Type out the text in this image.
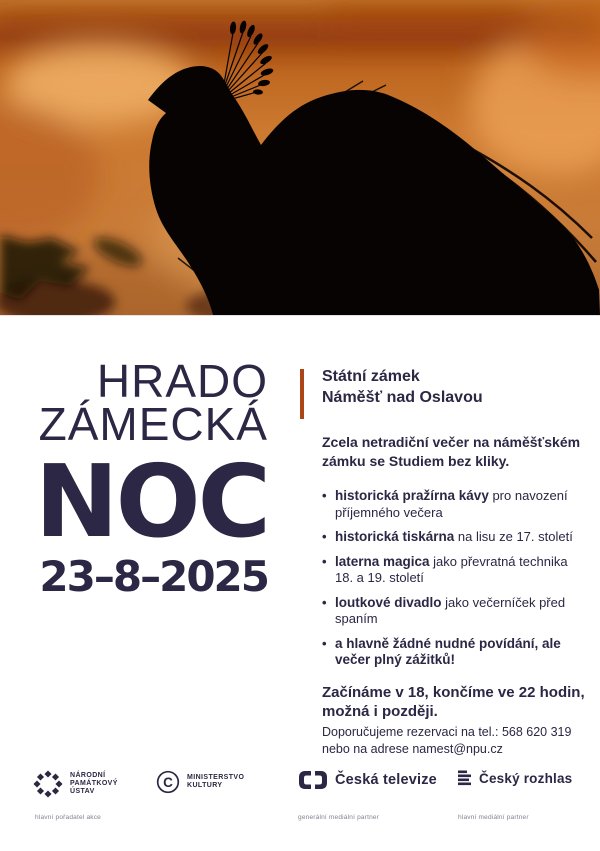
HRADO
ZÁMECKÁ
NOC
23–8–2025
Státní zámek
Náměšť nad Oslavou
Zcela netradiční večer na náměšťském
zámku se Studiem bez kliky.
• historická pražírna kávy pro navození příjemného večera
• historická tiskárna na lisu ze 17. století
• laterna magica jako převratná technika 18. a 19. století
• loutkové divadlo jako večerníček před spaním
• a hlavně žádné nudné povídání, ale večer plný zážitků!
Začínáme v 18, končíme ve 22 hodin,
možná i později.
Doporučujeme rezervaci na tel.: 568 620 319
nebo na adrese namest@npu.cz
NÁRODNÍ
PAMÁTKOVÝ
ÚSTAV
C MINISTERSTVO
KULTURY	Česká televize	Český rozhlas
hlavní pořadatel akce	generální mediální partner	hlavní mediální partner
